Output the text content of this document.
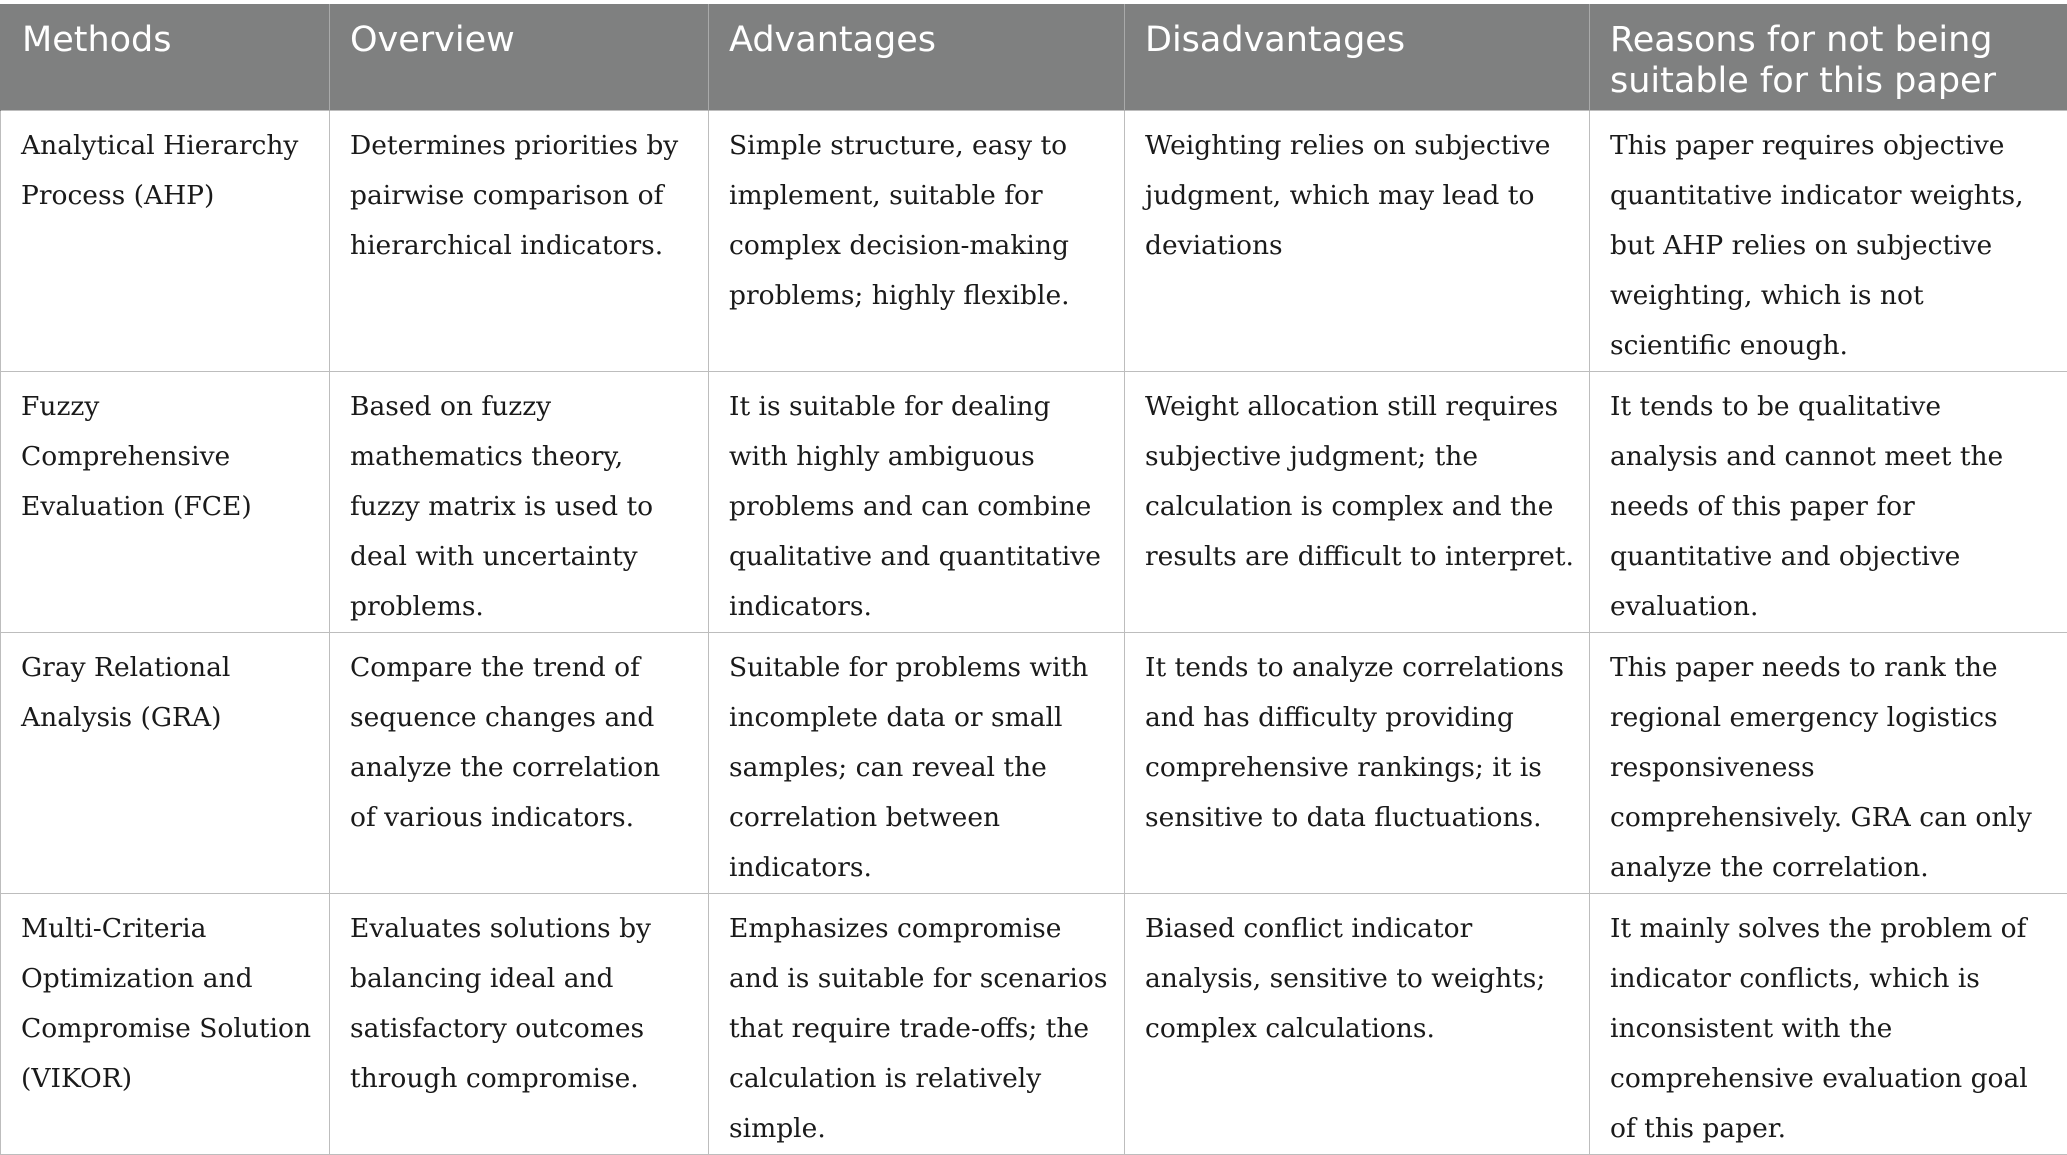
Methods	Overview	Advantages	Disadvantages	Reasons for not being suitable for this paper
Analytical Hierarchy Process (AHP)	Determines priorities by pairwise comparison of hierarchical indicators.	Simple structure, easy to implement, suitable for complex decision-making problems; highly flexible.	Weighting relies on subjective judgment, which may lead to deviations	This paper requires objective quantitative indicator weights, but AHP relies on subjective weighting, which is not scientific enough.
Fuzzy Comprehensive Evaluation (FCE)	Based on fuzzy mathematics theory, fuzzy matrix is used to deal with uncertainty problems.	It is suitable for dealing with highly ambiguous problems and can combine qualitative and quantitative indicators.	Weight allocation still requires subjective judgment; the calculation is complex and the results are difficult to interpret.	It tends to be qualitative analysis and cannot meet the needs of this paper for quantitative and objective evaluation.
Gray Relational Analysis (GRA)	Compare the trend of sequence changes and analyze the correlation of various indicators.	Suitable for problems with incomplete data or small samples; can reveal the correlation between indicators.	It tends to analyze correlations and has difficulty providing comprehensive rankings; it is sensitive to data fluctuations.	This paper needs to rank the regional emergency logistics responsiveness comprehensively. GRA can only analyze the correlation.
Multi-Criteria Optimization and Compromise Solution (VIKOR)	Evaluates solutions by balancing ideal and satisfactory outcomes through compromise.	Emphasizes compromise and is suitable for scenarios that require trade-offs; the calculation is relatively simple.	Biased conflict indicator analysis, sensitive to weights; complex calculations.	It mainly solves the problem of indicator conflicts, which is inconsistent with the comprehensive evaluation goal of this paper.
